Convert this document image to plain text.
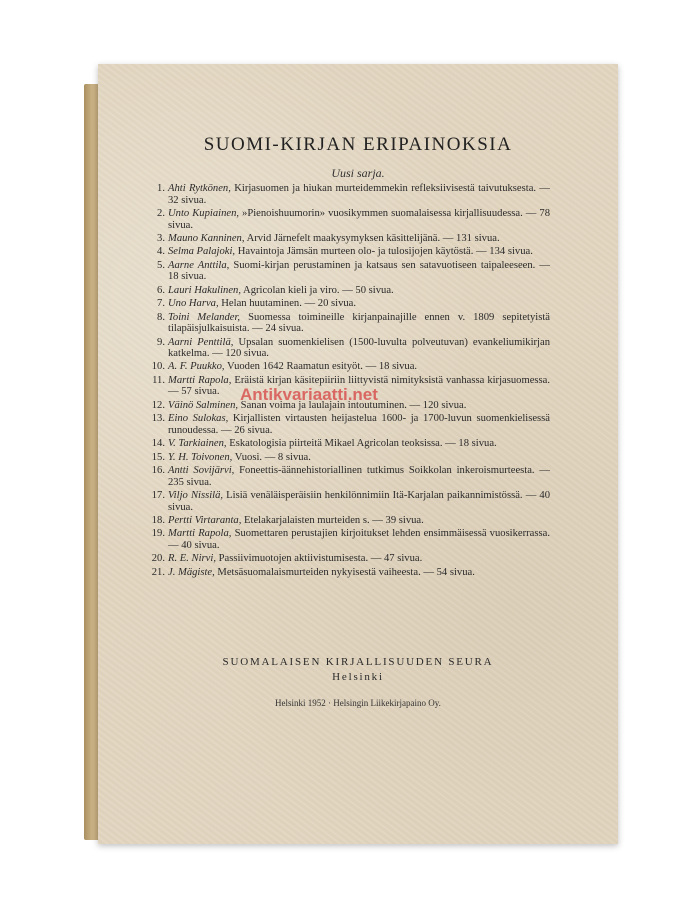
SUOMI-KIRJAN ERIPAINOKSIA
Uusi sarja.
1. Ahti Rytkönen, Kirjasuomen ja hiukan murteidemmekin refleksiivisestä taivutuksesta. — 32 sivua.
2. Unto Kupiainen, »Pienoishuumorin» vuosikymmen suomalaisessa kirjallisuudessa. — 78 sivua.
3. Mauno Kanninen, Arvid Järnefelt maakysymyksen käsittelijänä. — 131 sivua.
4. Selma Palajoki, Havaintoja Jämsän murteen olo- ja tulosijojen käytöstä. — 134 sivua.
5. Aarne Anttila, Suomi-kirjan perustaminen ja katsaus sen satavuotiseen taipaleeseen. — 18 sivua.
6. Lauri Hakulinen, Agricolan kieli ja viro. — 50 sivua.
7. Uno Harva, Helan huutaminen. — 20 sivua.
8. Toini Melander, Suomessa toimineille kirjanpainajille ennen v. 1809 sepitetyistä tilapäisjulkaisuista. — 24 sivua.
9. Aarni Penttilä, Upsalan suomenkielisen (1500-luvulta polveutuvan) evankeliumikirjan katkelma. — 120 sivua.
10. A. F. Puukko, Vuoden 1642 Raamatun esityöt. — 18 sivua.
11. Martti Rapola, Eräistä kirjan käsitepiiriin liittyvistä nimityksistä vanhassa kirjasuomessa. — 57 sivua.
12. Väinö Salminen, Sanan voima ja laulajain intoutuminen. — 120 sivua.
13. Eino Sulokas, Kirjallisten virtausten heijastelua 1600- ja 1700-luvun suomenkielisessä runoudessa. — 26 sivua.
14. V. Tarkiainen, Eskatologisia piirteitä Mikael Agricolan teoksissa. — 18 sivua.
15. Y. H. Toivonen, Vuosi. — 8 sivua.
16. Antti Sovijärvi, Foneettis-äännehistoriallinen tutkimus Soikkolan inkeroismurteesta. — 235 sivua.
17. Viljo Nissilä, Lisiä venäläisperäisiin henkilönnimiin Itä-Karjalan paikannimistössä. — 40 sivua.
18. Pertti Virtaranta, Etelakarjalaisten murteiden s. — 39 sivua.
19. Martti Rapola, Suomettaren perustajien kirjoitukset lehden ensimmäisessä vuosikerrassa. — 40 sivua.
20. R. E. Nirvi, Passiivimuotojen aktiivistumisesta. — 47 sivua.
21. J. Mägiste, Metsäsuomalaismurteiden nykyisestä vaiheesta. — 54 sivua.
SUOMALAISEN KIRJALLISUUDEN SEURA
Helsinki
Helsinki 1952 · Helsingin Liikekirjapaino Oy.
Antikvariaatti.net
